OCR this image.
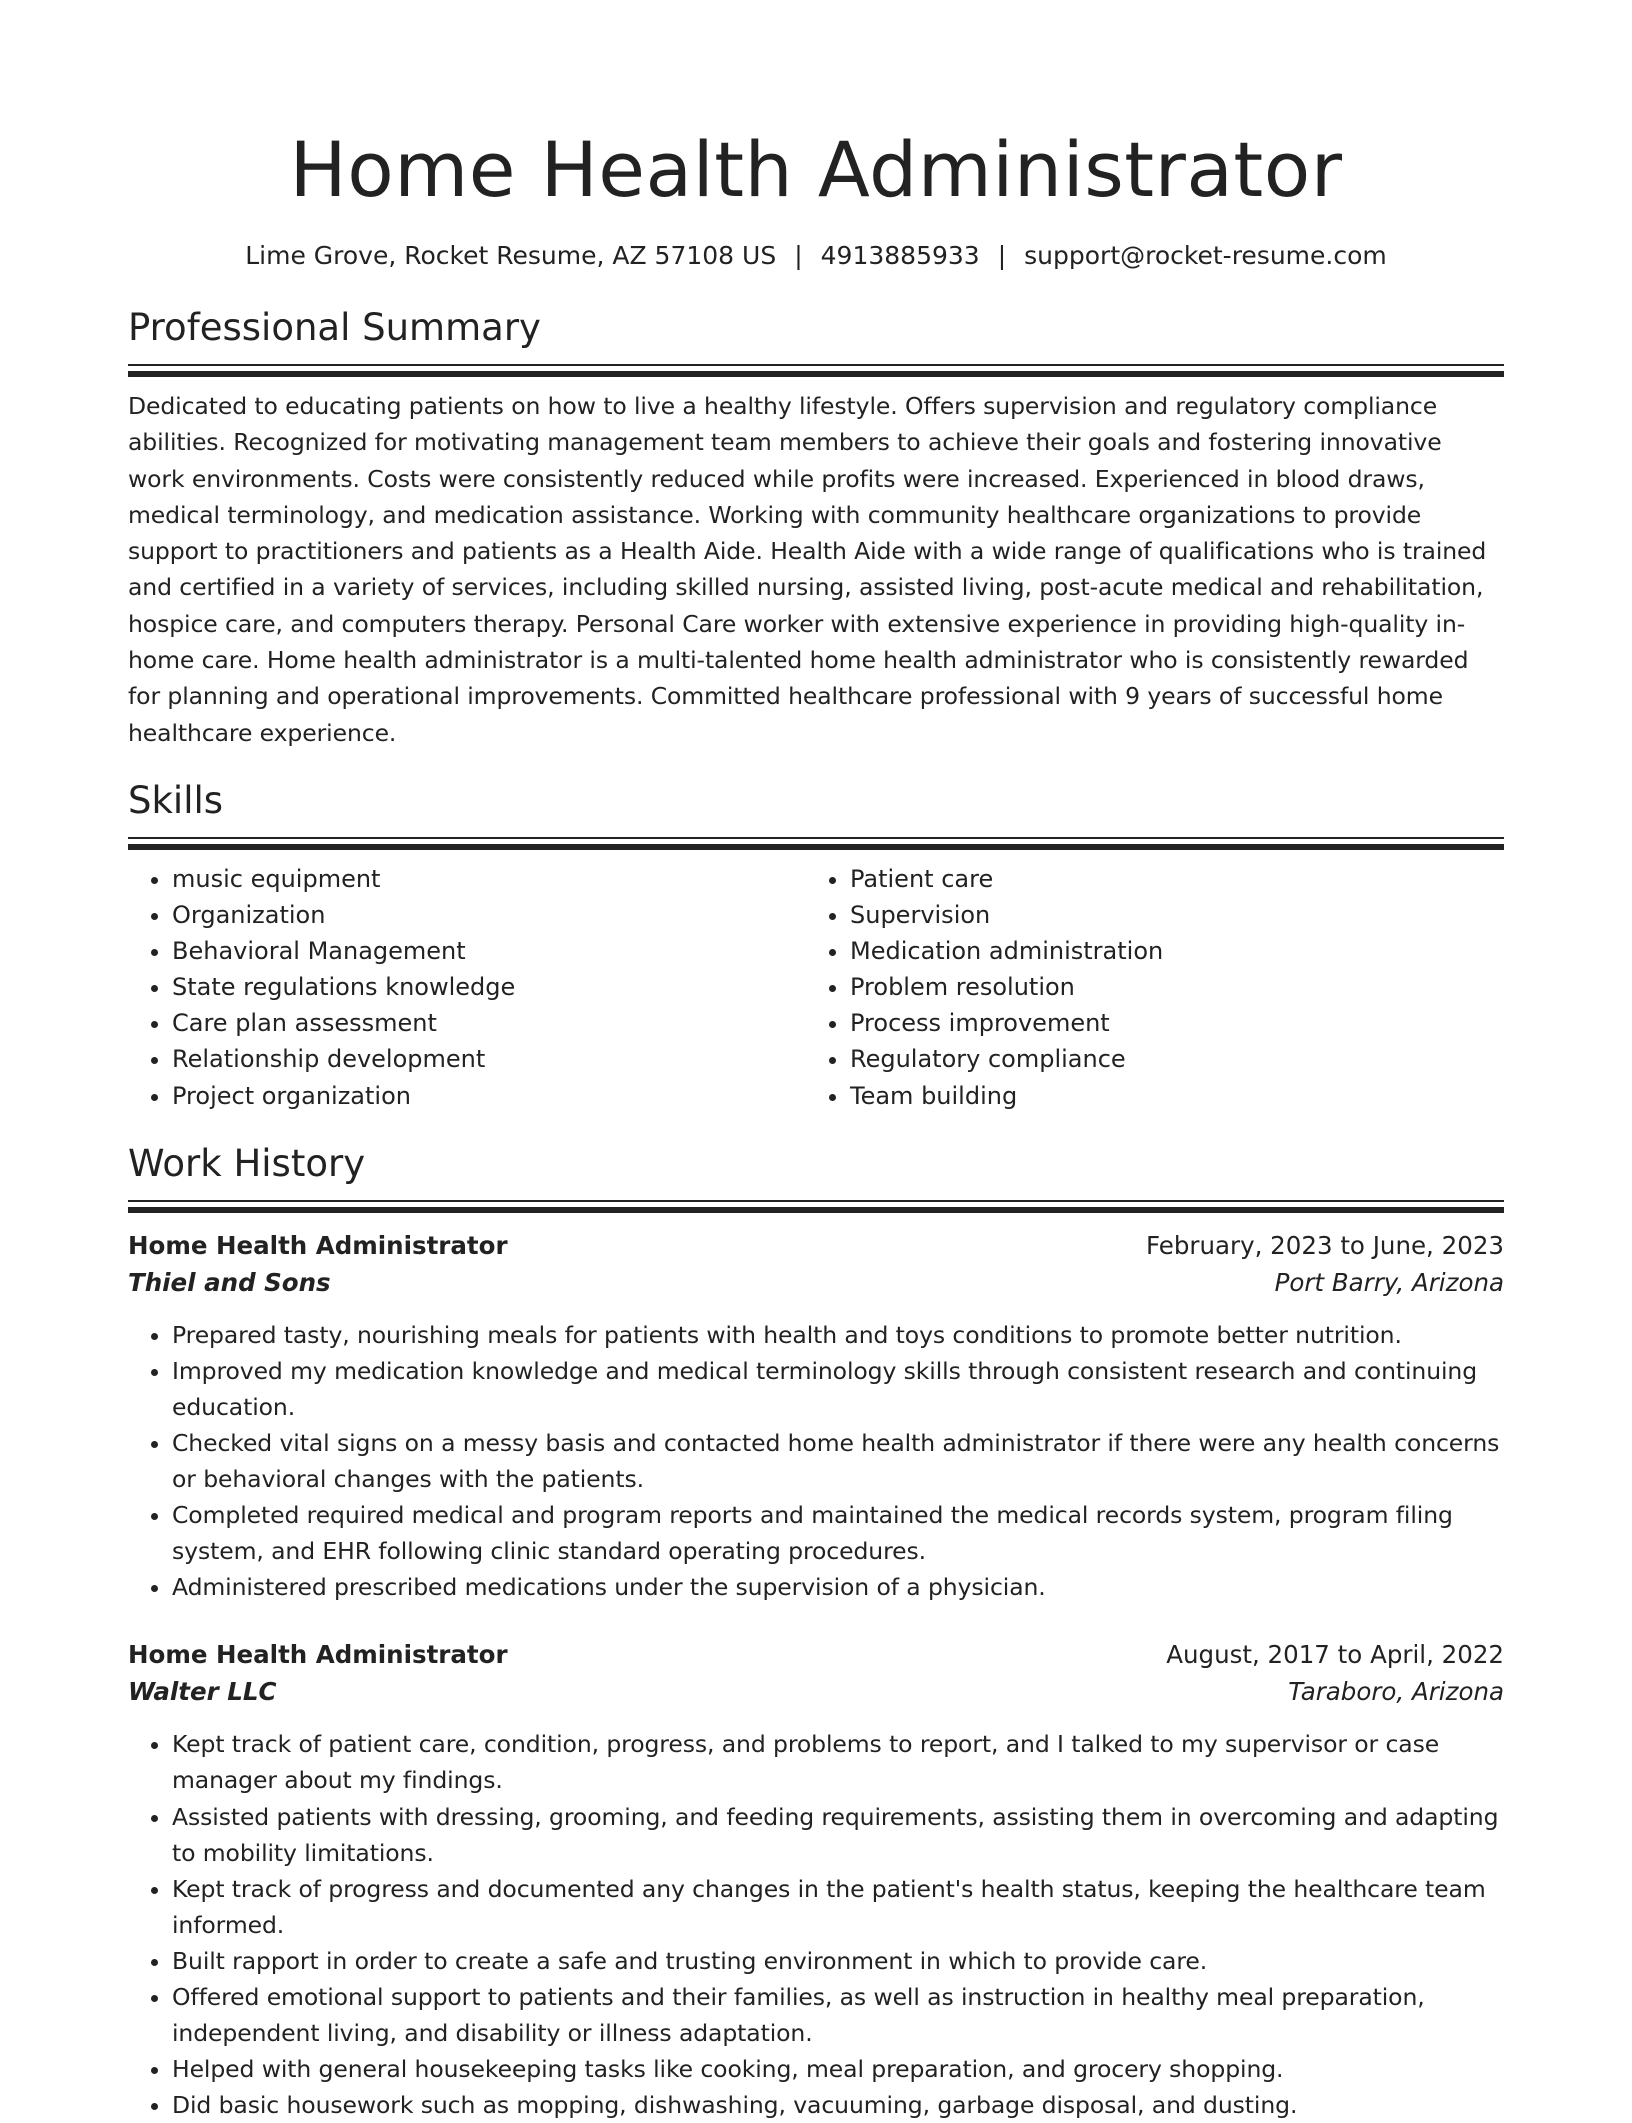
Home Health Administrator
Lime Grove, Rocket Resume, AZ 57108 US | 4913885933 | support@rocket-resume.com
Professional Summary

Dedicated to educating patients on how to live a healthy lifestyle. Offers supervision and regulatory compliance abilities. Recognized for motivating management team members to achieve their goals and fostering innovative work environments. Costs were consistently reduced while profits were increased. Experienced in blood draws, medical terminology, and medication assistance. Working with community healthcare organizations to provide support to practitioners and patients as a Health Aide. Health Aide with a wide range of qualifications who is trained and certified in a variety of services, including skilled nursing, assisted living, post-acute medical and rehabilitation, hospice care, and computers therapy. Personal Care worker with extensive experience in providing high-quality in-home care. Home health administrator is a multi-talented home health administrator who is consistently rewarded for planning and operational improvements. Committed healthcare professional with 9 years of successful home healthcare experience.

Skills
• music equipment
• Organization
• Behavioral Management
• State regulations knowledge
• Care plan assessment
• Relationship development
• Project organization
• Patient care
• Supervision
• Medication administration
• Problem resolution
• Process improvement
• Regulatory compliance
• Team building
Work History
Home Health Administrator	February, 2023 to June, 2023
Thiel and Sons	Port Barry, Arizona
• Prepared tasty, nourishing meals for patients with health and toys conditions to promote better nutrition.
• Improved my medication knowledge and medical terminology skills through consistent research and continuing education.
• Checked vital signs on a messy basis and contacted home health administrator if there were any health concerns or behavioral changes with the patients.
• Completed required medical and program reports and maintained the medical records system, program filing system, and EHR following clinic standard operating procedures.
• Administered prescribed medications under the supervision of a physician.
Home Health Administrator	August, 2017 to April, 2022
Walter LLC	Taraboro, Arizona
• Kept track of patient care, condition, progress, and problems to report, and I talked to my supervisor or case manager about my findings.
• Assisted patients with dressing, grooming, and feeding requirements, assisting them in overcoming and adapting to mobility limitations.
• Kept track of progress and documented any changes in the patient's health status, keeping the healthcare team informed.
• Built rapport in order to create a safe and trusting environment in which to provide care.
• Offered emotional support to patients and their families, as well as instruction in healthy meal preparation, independent living, and disability or illness adaptation.
• Helped with general housekeeping tasks like cooking, meal preparation, and grocery shopping.
• Did basic housework such as mopping, dishwashing, vacuuming, garbage disposal, and dusting.
